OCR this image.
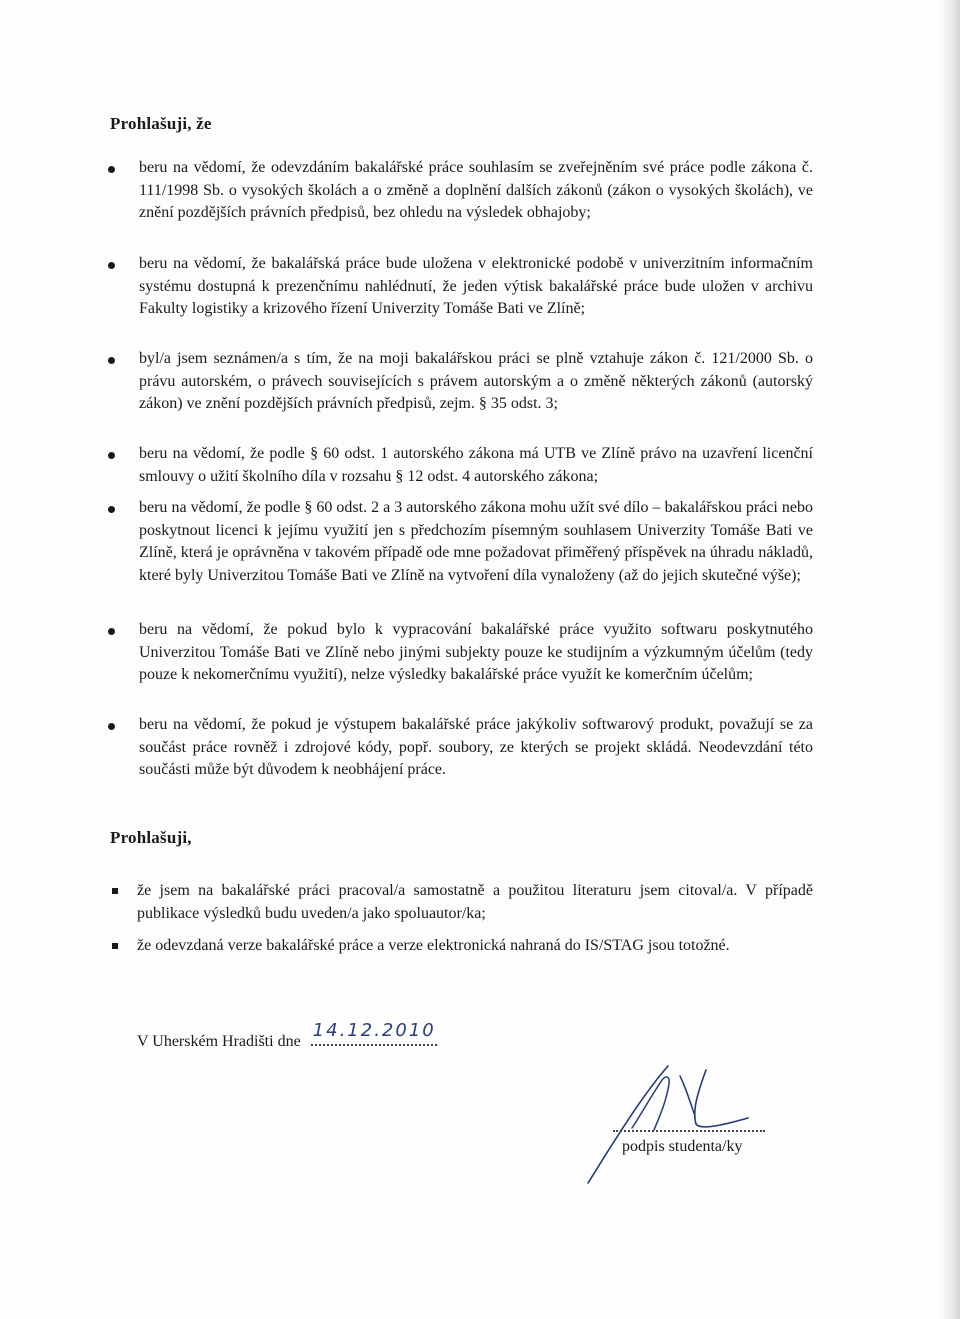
Prohlašuji, že

beru na vědomí, že odevzdáním bakalářské práce souhlasím se zveřejněním své práce podle zákona č. 111/1998 Sb. o vysokých školách a o změně a doplnění dalších zákonů (zákon o vysokých školách), ve znění pozdějších právních předpisů, bez ohledu na výsledek obhajoby;

beru na vědomí, že bakalářská práce bude uložena v elektronické podobě v univerzitním informačním systému dostupná k prezenčnímu nahlédnutí, že jeden výtisk bakalářské práce bude uložen v archivu Fakulty logistiky a krizového řízení Univerzity Tomáše Bati ve Zlíně;

byl/a jsem seznámen/a s tím, že na moji bakalářskou práci se plně vztahuje zákon č. 121/2000 Sb. o právu autorském, o právech souvisejících s právem autorským a o změně některých zákonů (autorský zákon) ve znění pozdějších právních předpisů, zejm. § 35 odst. 3;

beru na vědomí, že podle § 60 odst. 1 autorského zákona má UTB ve Zlíně právo na uzavření licenční smlouvy o užití školního díla v rozsahu § 12 odst. 4 autorského zákona;

beru na vědomí, že podle § 60 odst. 2 a 3 autorského zákona mohu užít své dílo – bakalářskou práci nebo poskytnout licenci k jejímu využití jen s předchozím písemným souhlasem Univerzity Tomáše Bati ve Zlíně, která je oprávněna v takovém případě ode mne požadovat přiměřený příspěvek na úhradu nákladů, které byly Univerzitou Tomáše Bati ve Zlíně na vytvoření díla vynaloženy (až do jejich skutečné výše);

beru na vědomí, že pokud bylo k vypracování bakalářské práce využito softwaru poskytnutého Univerzitou Tomáše Bati ve Zlíně nebo jinými subjekty pouze ke studijním a výzkumným účelům (tedy pouze k nekomerčnímu využití), nelze výsledky bakalářské práce využít ke komerčním účelům;

beru na vědomí, že pokud je výstupem bakalářské práce jakýkoliv softwarový produkt, považují se za součást práce rovněž i zdrojové kódy, popř. soubory, ze kterých se projekt skládá. Neodevzdání této součásti může být důvodem k neobhájení práce.

Prohlašuji,

že jsem na bakalářské práci pracoval/a samostatně a použitou literaturu jsem citoval/a. V případě publikace výsledků budu uveden/a jako spoluautor/ka;

že odevzdaná verze bakalářské práce a verze elektronická nahraná do IS/STAG jsou totožné.

V Uherském Hradišti dne
14.12.2010
podpis studenta/ky
